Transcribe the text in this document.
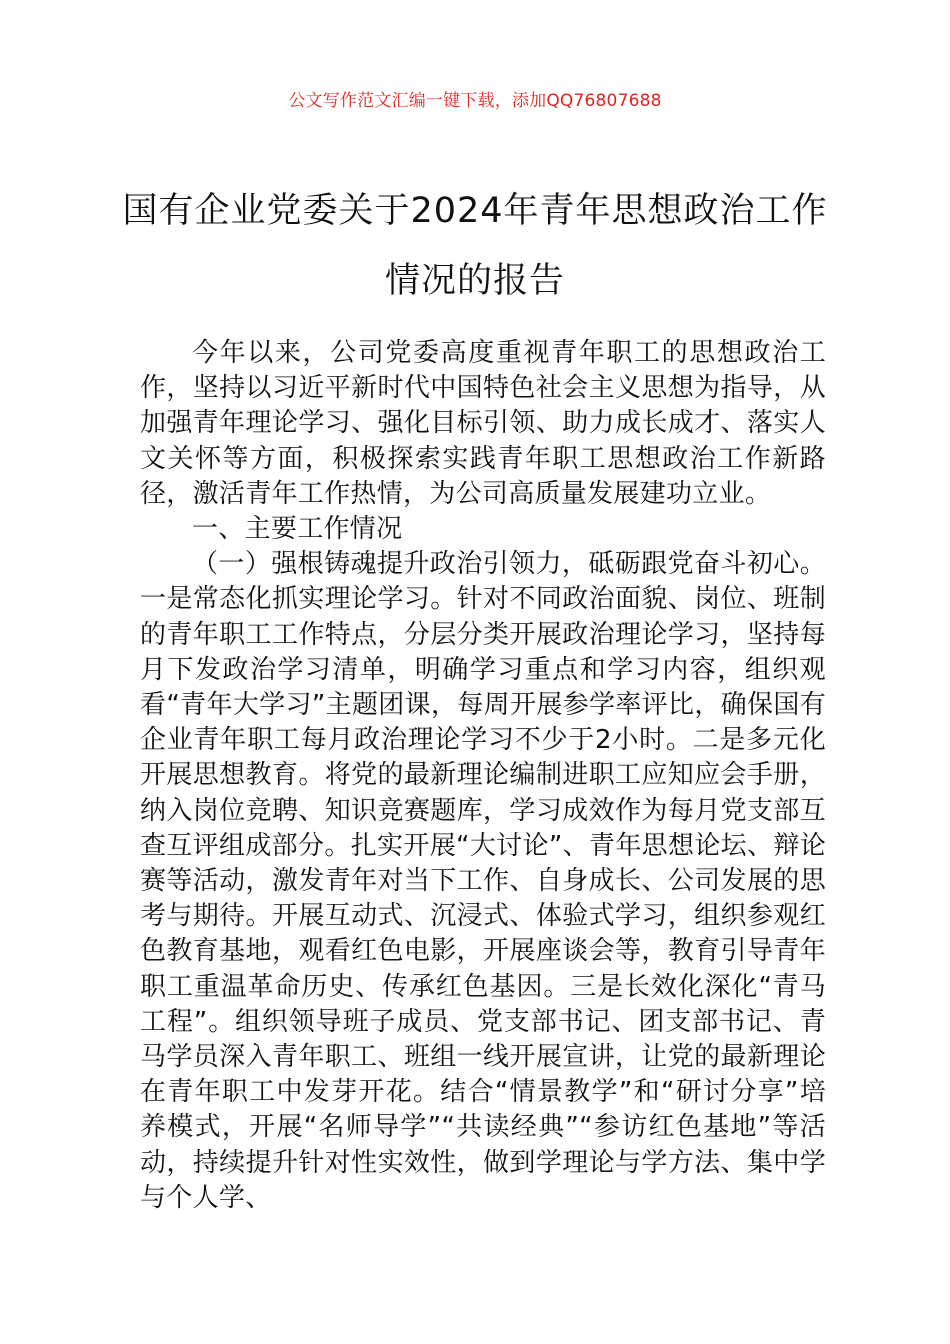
公文写作范文汇编一键下载，添加QQ76807688
国有企业党委关于2024年青年思想政治工作情况的报告

今年以来，公司党委高度重视青年职工的思想政治工作，坚持以习近平新时代中国特色社会主义思想为指导，从加强青年理论学习、强化目标引领、助力成长成才、落实人文关怀等方面，积极探索实践青年职工思想政治工作新路径，激活青年工作热情，为公司高质量发展建功立业。

一、主要工作情况

（一）强根铸魂提升政治引领力，砥砺跟党奋斗初心。一是常态化抓实理论学习。针对不同政治面貌、岗位、班制的青年职工工作特点，分层分类开展政治理论学习，坚持每月下发政治学习清单，明确学习重点和学习内容，组织观看“青年大学习”主题团课，每周开展参学率评比，确保国有企业青年职工每月政治理论学习不少于2小时。二是多元化开展思想教育。将党的最新理论编制进职工应知应会手册，纳入岗位竞聘、知识竞赛题库，学习成效作为每月党支部互查互评组成部分。扎实开展“大讨论”、青年思想论坛、辩论赛等活动，激发青年对当下工作、自身成长、公司发展的思考与期待。开展互动式、沉浸式、体验式学习，组织参观红色教育基地，观看红色电影，开展座谈会等，教育引导青年职工重温革命历史、传承红色基因。三是长效化深化“青马工程”。组织领导班子成员、党支部书记、团支部书记、青马学员深入青年职工、班组一线开展宣讲，让党的最新理论在青年职工中发芽开花。结合“情景教学”和“研讨分享”培养模式，开展“名师导学”“共读经典”“参访红色基地”等活动，持续提升针对性实效性，做到学理论与学方法、集中学与个人学、
